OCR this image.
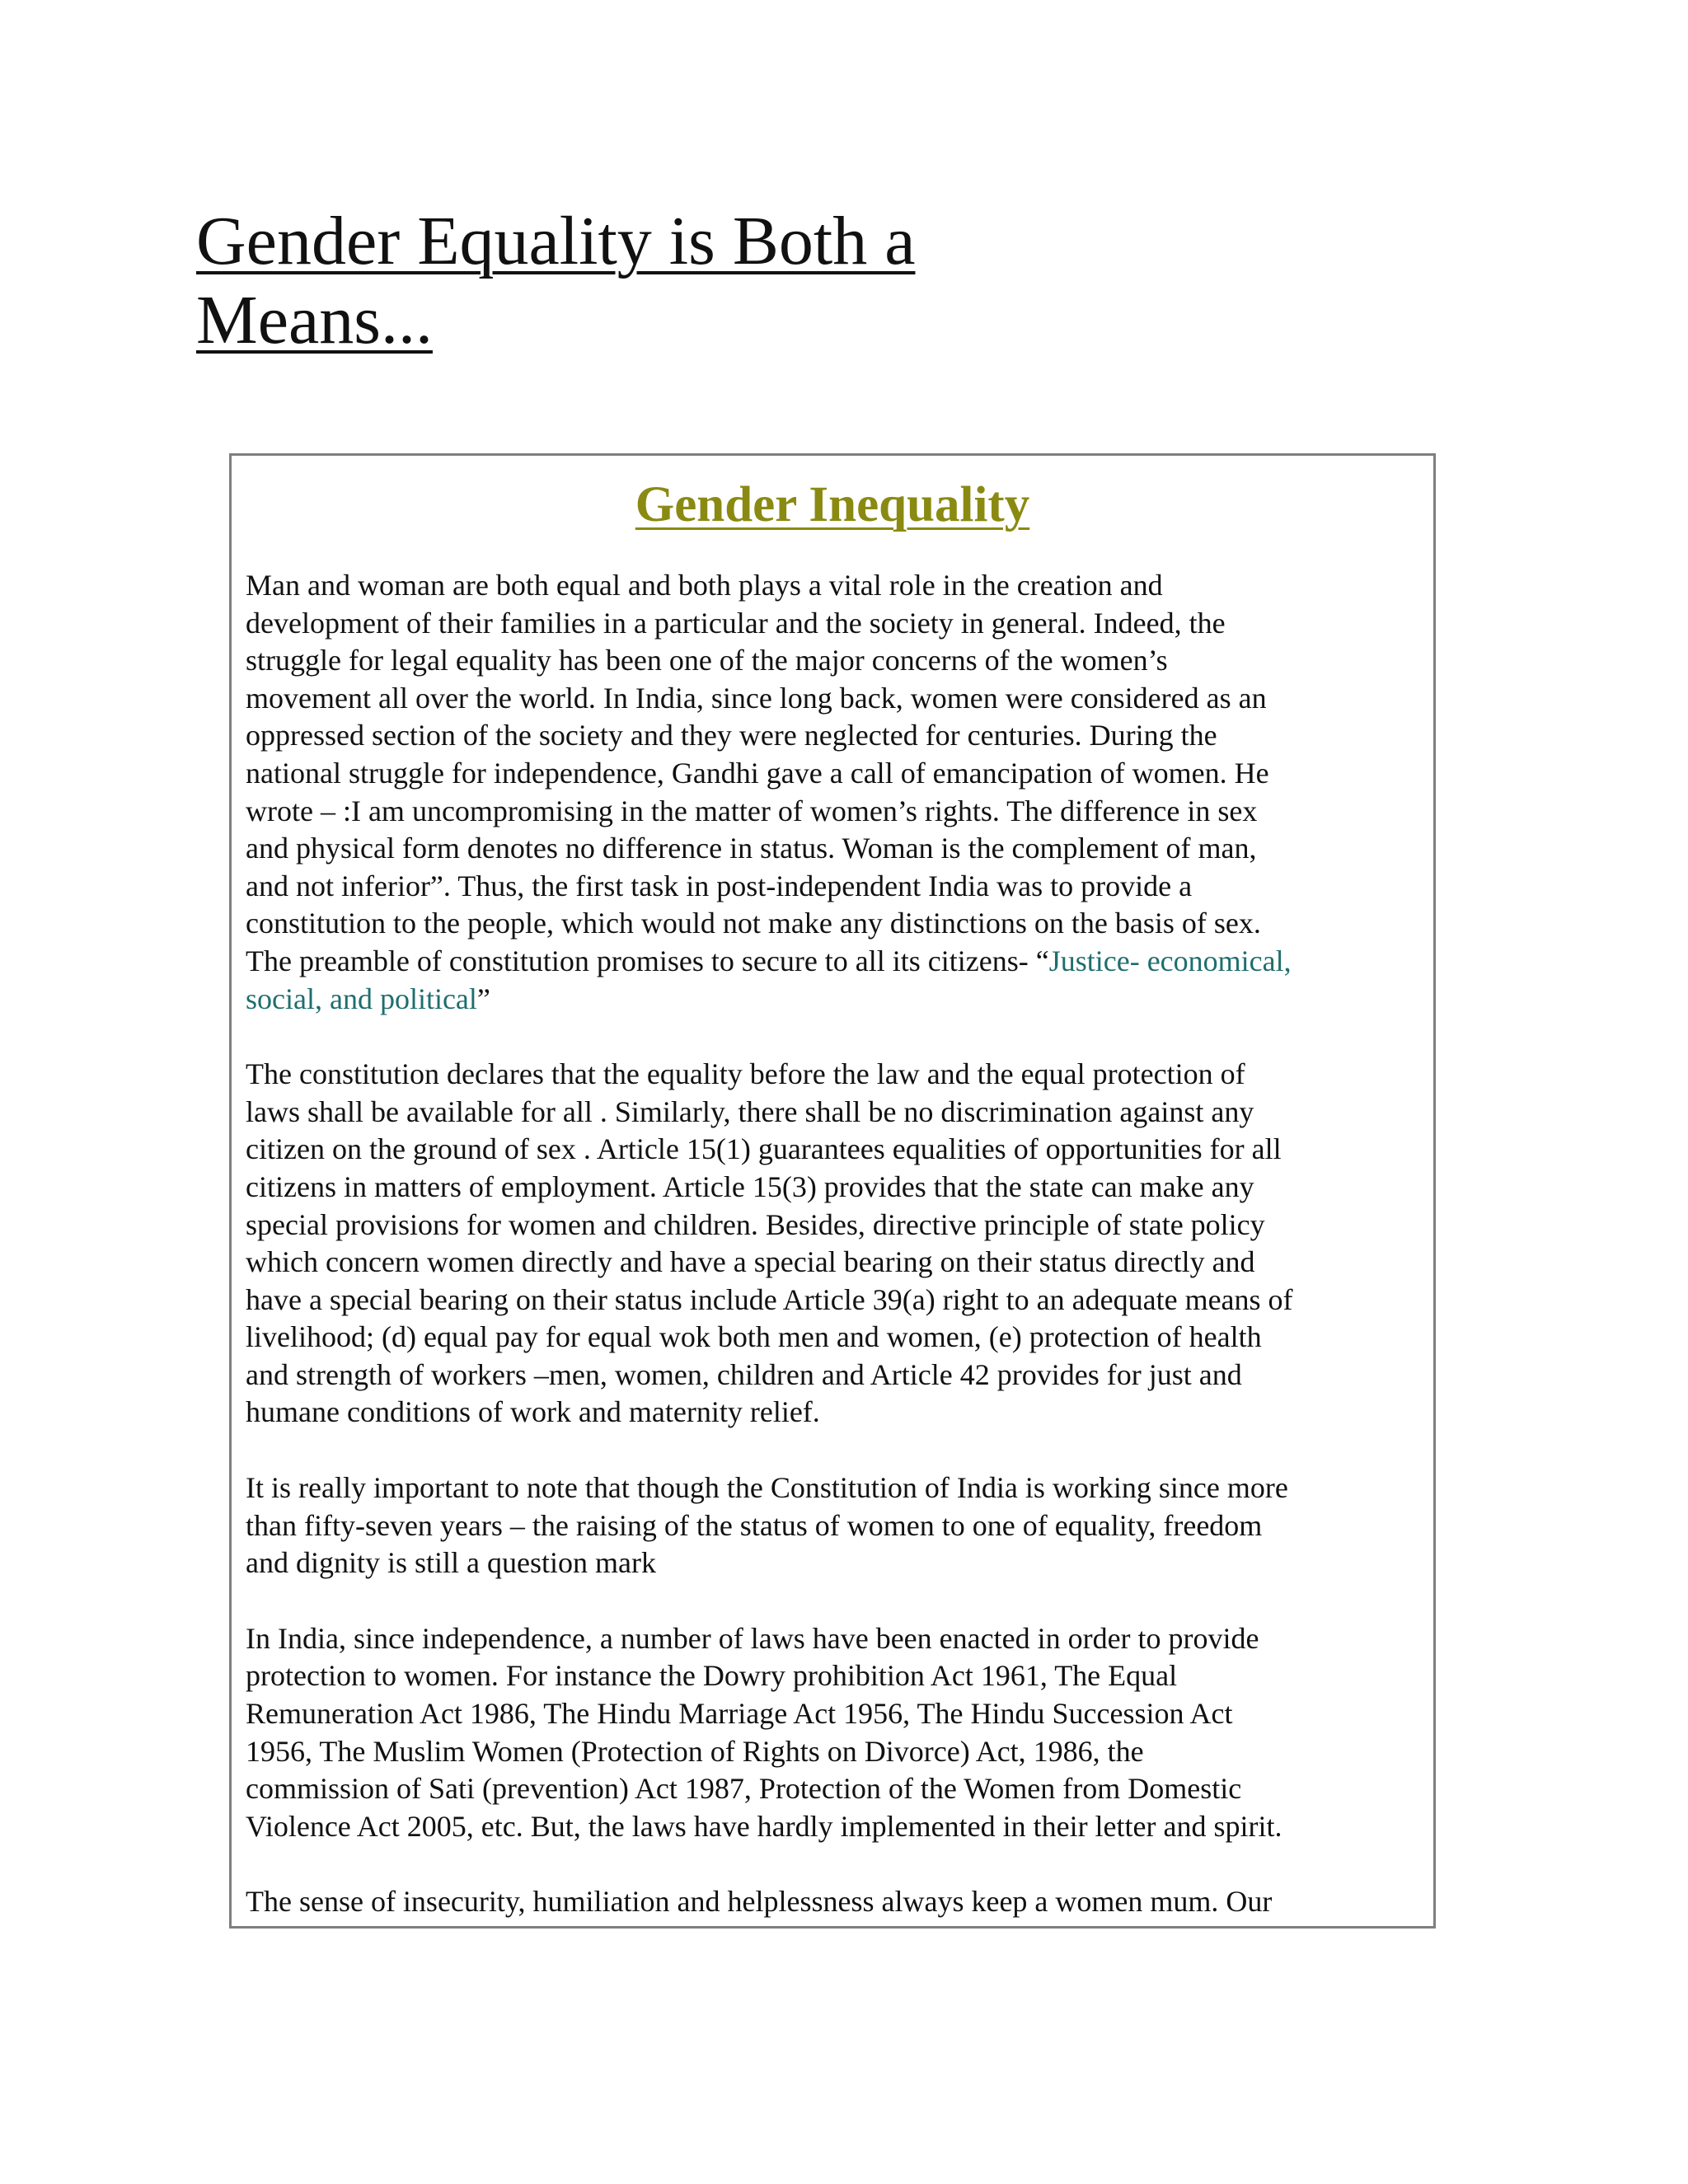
Gender Equality is Both a
Means...
Gender Inequality
Man and woman are both equal and both plays a vital role in the creation and
development of their families in a particular and the society in general. Indeed, the
struggle for legal equality has been one of the major concerns of the women’s
movement all over the world. In India, since long back, women were considered as an
oppressed section of the society and they were neglected for centuries. During the
national struggle for independence, Gandhi gave a call of emancipation of women. He
wrote – :I am uncompromising in the matter of women’s rights. The difference in sex
and physical form denotes no difference in status. Woman is the complement of man,
and not inferior”. Thus, the first task in post-independent India was to provide a
constitution to the people, which would not make any distinctions on the basis of sex.
The preamble of constitution promises to secure to all its citizens- “Justice- economical,
social, and political”
The constitution declares that the equality before the law and the equal protection of
laws shall be available for all . Similarly, there shall be no discrimination against any
citizen on the ground of sex . Article 15(1) guarantees equalities of opportunities for all
citizens in matters of employment. Article 15(3) provides that the state can make any
special provisions for women and children. Besides, directive principle of state policy
which concern women directly and have a special bearing on their status directly and
have a special bearing on their status include Article 39(a) right to an adequate means of
livelihood; (d) equal pay for equal wok both men and women, (e) protection of health
and strength of workers –men, women, children and Article 42 provides for just and
humane conditions of work and maternity relief.
It is really important to note that though the Constitution of India is working since more
than fifty-seven years – the raising of the status of women to one of equality, freedom
and dignity is still a question mark
In India, since independence, a number of laws have been enacted in order to provide
protection to women. For instance the Dowry prohibition Act 1961, The Equal
Remuneration Act 1986, The Hindu Marriage Act 1956, The Hindu Succession Act
1956, The Muslim Women (Protection of Rights on Divorce) Act, 1986, the
commission of Sati (prevention) Act 1987, Protection of the Women from Domestic
Violence Act 2005, etc. But, the laws have hardly implemented in their letter and spirit.
The sense of insecurity, humiliation and helplessness always keep a women mum. Our
